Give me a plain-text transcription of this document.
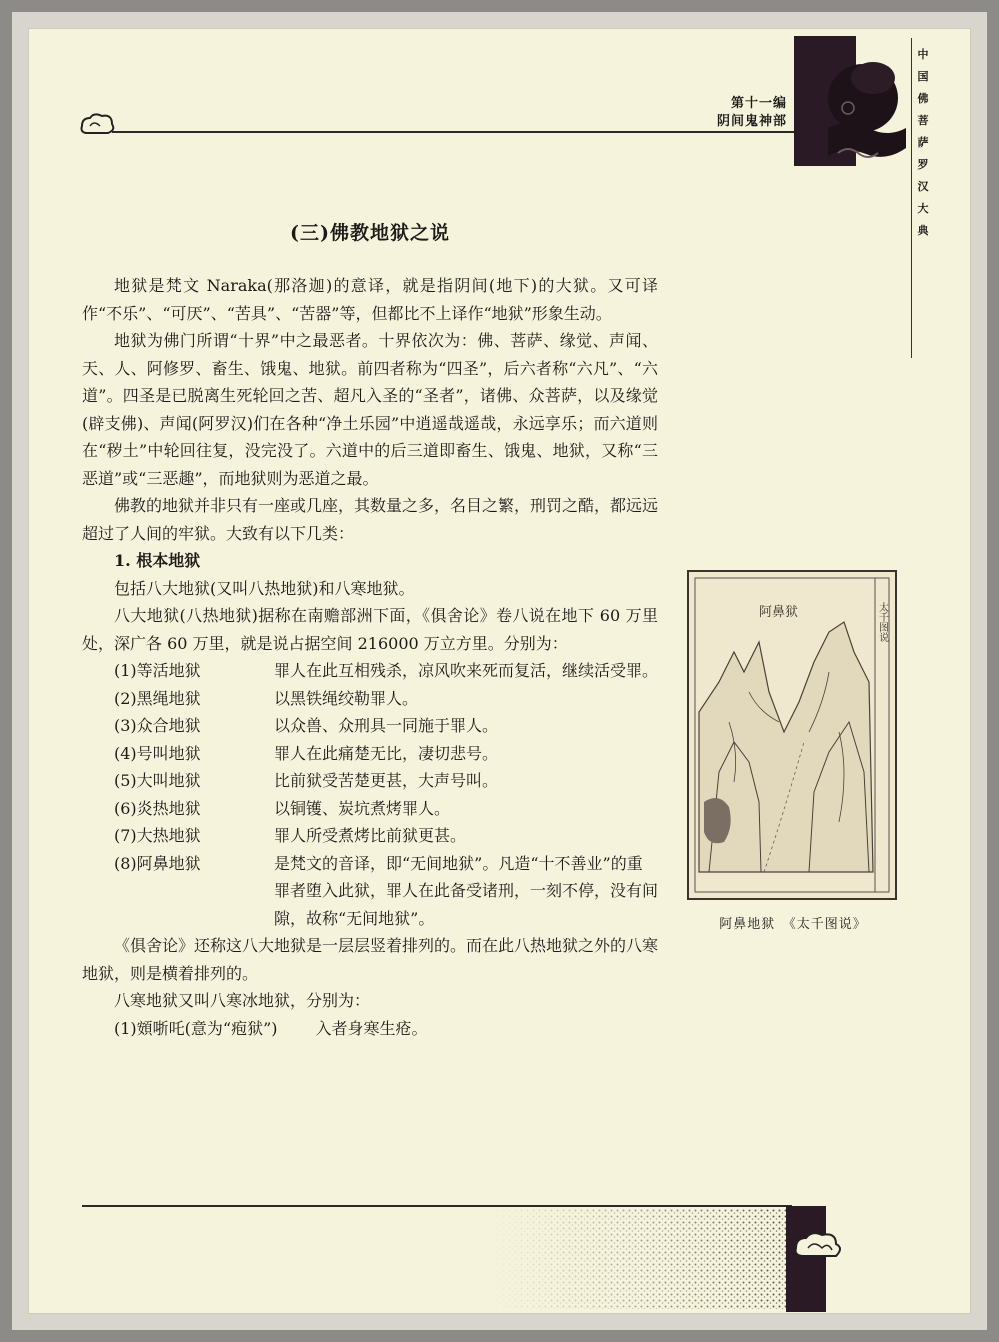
第十一编
阴间鬼神部
中国佛菩萨罗汉大典
(三)佛教地狱之说

地狱是梵文 Naraka(那洛迦)的意译，就是指阴间(地下)的大狱。又可译作“不乐”、“可厌”、“苦具”、“苦器”等，但都比不上译作“地狱”形象生动。

地狱为佛门所谓“十界”中之最恶者。十界依次为：佛、菩萨、缘觉、声闻、天、人、阿修罗、畜生、饿鬼、地狱。前四者称为“四圣”，后六者称“六凡”、“六道”。四圣是已脱离生死轮回之苦、超凡入圣的“圣者”，诸佛、众菩萨，以及缘觉(辟支佛)、声闻(阿罗汉)们在各种“净土乐园”中逍遥哉遥哉，永远享乐；而六道则在“秽土”中轮回往复，没完没了。六道中的后三道即畜生、饿鬼、地狱，又称“三恶道”或“三恶趣”，而地狱则为恶道之最。

佛教的地狱并非只有一座或几座，其数量之多，名目之繁，刑罚之酷，都远远超过了人间的牢狱。大致有以下几类：

1. 根本地狱

包括八大地狱(又叫八热地狱)和八寒地狱。

八大地狱(八热地狱)据称在南赡部洲下面，《俱舍论》卷八说在地下 60 万里处，深广各 60 万里，就是说占据空间 216000 万立方里。分别为：

(1)等活地狱	罪人在此互相残杀，凉风吹来死而复活，继续活受罪。
(2)黑绳地狱	以黑铁绳绞勒罪人。
(3)众合地狱	以众兽、众刑具一同施于罪人。
(4)号叫地狱	罪人在此痛楚无比，凄切悲号。
(5)大叫地狱	比前狱受苦楚更甚，大声号叫。
(6)炎热地狱	以铜镬、炭坑煮烤罪人。
(7)大热地狱	罪人所受煮烤比前狱更甚。
(8)阿鼻地狱	是梵文的音译，即“无间地狱”。凡造“十不善业”的重罪者堕入此狱，罪人在此备受诸刑，一刻不停，没有间隙，故称“无间地狱”。

《俱舍论》还称这八大地狱是一层层竖着排列的。而在此八热地狱之外的八寒地狱，则是横着排列的。

八寒地狱又叫八寒冰地狱，分别为：

(1)頞哳吒(意为“疱狱”) 入者身寒生疮。
阿鼻狱	太千图说
阿鼻地狱　《太千图说》
